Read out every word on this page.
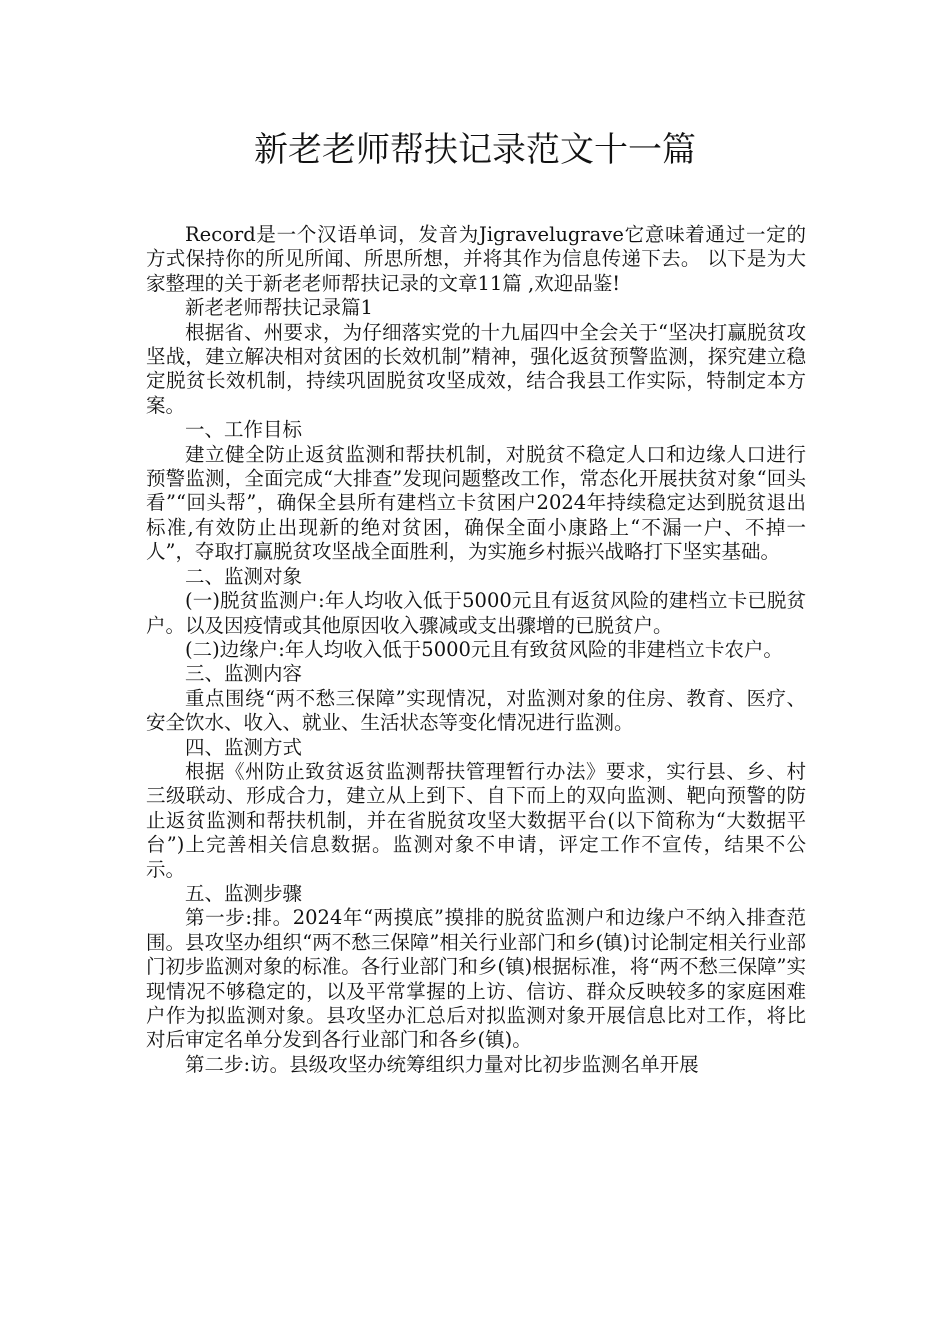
新老老师帮扶记录范文十一篇

Record是一个汉语单词，发音为Jigravelugrave它意味着通过一定的方式保持你的所见所闻、所思所想，并将其作为信息传递下去。 以下是为大家整理的关于新老老师帮扶记录的文章11篇 ,欢迎品鉴!

新老老师帮扶记录篇1

根据省、州要求，为仔细落实党的十九届四中全会关于“坚决打赢脱贫攻坚战，建立解决相对贫困的长效机制”精神，强化返贫预警监测，探究建立稳定脱贫长效机制，持续巩固脱贫攻坚成效，结合我县工作实际，特制定本方案。

一、工作目标

建立健全防止返贫监测和帮扶机制，对脱贫不稳定人口和边缘人口进行预警监测，全面完成“大排查”发现问题整改工作，常态化开展扶贫对象“回头看”“回头帮”，确保全县所有建档立卡贫困户2024年持续稳定达到脱贫退出标准,有效防止出现新的绝对贫困，确保全面小康路上“不漏一户、不掉一人”，夺取打赢脱贫攻坚战全面胜利，为实施乡村振兴战略打下坚实基础。

二、监测对象

(一)脱贫监测户:年人均收入低于5000元且有返贫风险的建档立卡已脱贫户。以及因疫情或其他原因收入骤减或支出骤增的已脱贫户。

(二)边缘户:年人均收入低于5000元且有致贫风险的非建档立卡农户。

三、监测内容

重点围绕“两不愁三保障”实现情况，对监测对象的住房、教育、医疗、安全饮水、收入、就业、生活状态等变化情况进行监测。

四、监测方式

根据《州防止致贫返贫监测帮扶管理暂行办法》要求，实行县、乡、村三级联动、形成合力，建立从上到下、自下而上的双向监测、靶向预警的防止返贫监测和帮扶机制，并在省脱贫攻坚大数据平台(以下简称为“大数据平台”)上完善相关信息数据。监测对象不申请，评定工作不宣传，结果不公示。

五、监测步骤

第一步:排。2024年“两摸底”摸排的脱贫监测户和边缘户不纳入排查范围。县攻坚办组织“两不愁三保障”相关行业部门和乡(镇)讨论制定相关行业部门初步监测对象的标准。各行业部门和乡(镇)根据标准，将“两不愁三保障”实现情况不够稳定的，以及平常掌握的上访、信访、群众反映较多的家庭困难户作为拟监测对象。县攻坚办汇总后对拟监测对象开展信息比对工作，将比对后审定名单分发到各行业部门和各乡(镇)。

第二步:访。县级攻坚办统筹组织力量对比初步监测名单开展
